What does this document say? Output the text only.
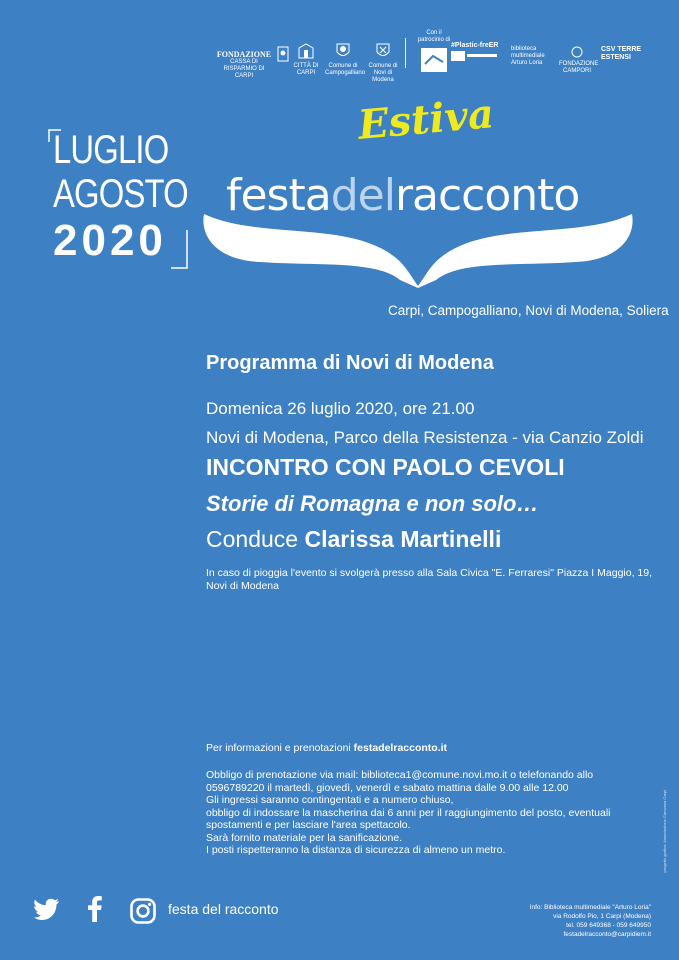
FONDAZIONE
CASSA DI RISPARMIO DI CARPI
CITTÀ DI CARPI
Comune di Campogalliano
Comune di Novi di Modena
Con il patrocinio di
#Plastic-freER	biblioteca multimediale Arturo Loria	FONDAZIONE CAMPORI
CSV TERRE ESTENSI
LUGLIO
AGOSTO
2020
Estiva
festadelracconto
Carpi, Campogalliano, Novi di Modena, Soliera
Programma di Novi di Modena
Domenica 26 luglio 2020, ore 21.00
Novi di Modena, Parco della Resistenza - via Canzio Zoldi
INCONTRO CON PAOLO CEVOLI
Storie di Romagna e non solo…
Conduce Clarissa Martinelli
In caso di pioggia l'evento si svolgerà presso alla Sala Civica "E. Ferraresi" Piazza I Maggio, 19, Novi di Modena
Per informazioni e prenotazioni festadelracconto.it
Obbligo di prenotazione via mail: biblioteca1@comune.novi.mo.it o telefonando allo
0596789220 il martedì, giovedì, venerdì e sabato mattina dalle 9.00 alle 12.00
Gli ingressi saranno contingentati e a numero chiuso,
obbligo di indossare la mascherina dai 6 anni per il raggiungimento del posto, eventuali
spostamenti e per lasciare l'area spettacolo.
Sarà fornito materiale per la sanificazione.
I posti rispetteranno la distanza di sicurezza di almeno un metro.
festa del racconto	Info: Biblioteca multimediale "Arturo Loria"
via Rodolfo Pio, 1 Carpi (Modena)
tel. 059 649368 - 059 649950
festadelracconto@carpidiem.it
progetto grafico: Associazione Carovana Carpi
